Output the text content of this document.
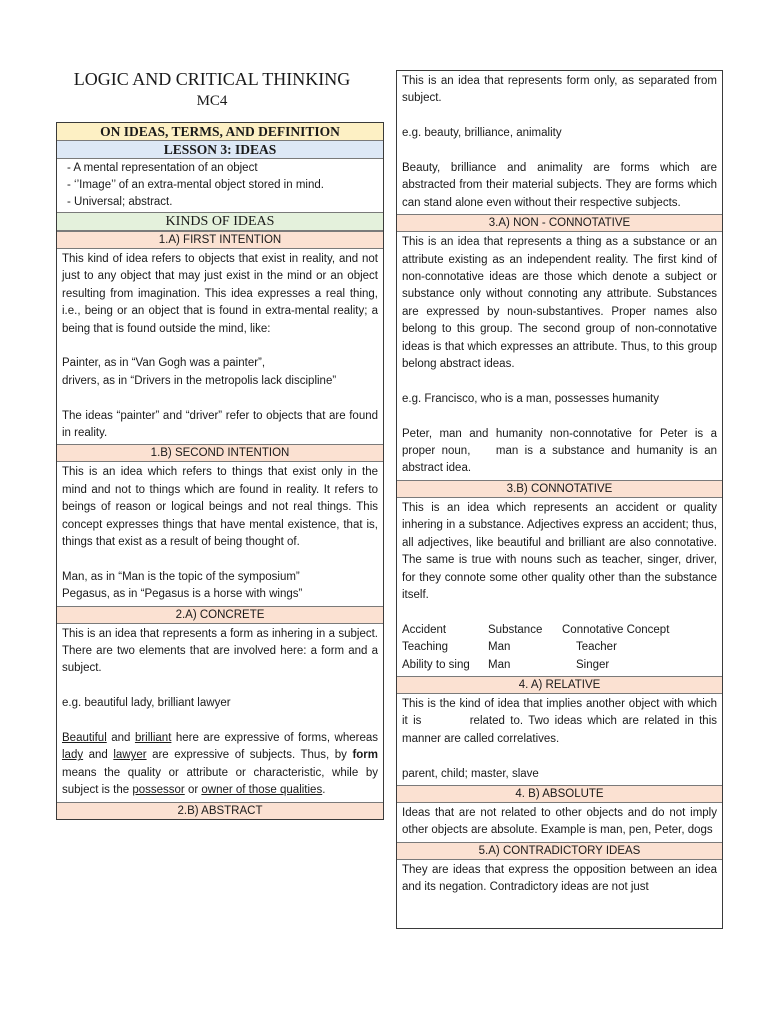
LOGIC AND CRITICAL THINKING
MC4
ON IDEAS, TERMS, AND DEFINITION
LESSON 3: IDEAS
- A mental representation of an object
- ‘’Image’’ of an extra-mental object stored in mind.
- Universal; abstract.
KINDS OF IDEAS
1.A) FIRST INTENTION

This kind of idea refers to objects that exist in reality, and not just to any object that may just exist in the mind or an object resulting from imagination. This idea expresses a real thing, i.e., being or an object that is found in extra-mental reality; a being that is found outside the mind, like:

Painter, as in “Van Gogh was a painter”,

drivers, as in “Drivers in the metropolis lack discipline”

The ideas “painter” and “driver” refer to objects that are found in reality.

1.B) SECOND INTENTION

This is an idea which refers to things that exist only in the mind and not to things which are found in reality. It refers to beings of reason or logical beings and not real things. This concept expresses things that have mental existence, that is, things that exist as a result of being thought of.

Man, as in “Man is the topic of the symposium”

Pegasus, as in “Pegasus is a horse with wings”

2.A) CONCRETE

This is an idea that represents a form as inhering in a subject. There are two elements that are involved here: a form and a subject.

e.g. beautiful lady, brilliant lawyer

Beautiful and brilliant here are expressive of forms, whereas lady and lawyer are expressive of subjects. Thus, by form means the quality or attribute or characteristic, while by subject is the possessor or owner of those qualities.

2.B) ABSTRACT

This is an idea that represents form only, as separated from subject.

e.g. beauty, brilliance, animality

Beauty, brilliance and animality are forms which are abstracted from their material subjects. They are forms which can stand alone even without their respective subjects.

3.A) NON - CONNOTATIVE

This is an idea that represents a thing as a substance or an attribute existing as an independent reality. The first kind of non-connotative ideas are those which denote a subject or substance only without connoting any attribute. Substances are expressed by noun-substantives. Proper names also belong to this group. The second group of non-connotative ideas is that which expresses an attribute. Thus, to this group belong abstract ideas.

e.g. Francisco, who is a man, possesses humanity

Peter, man and humanity non-connotative for Peter is a proper noun,    man is a substance and humanity is an abstract idea.

3.B) CONNOTATIVE

This is an idea which represents an accident or quality inhering in a substance. Adjectives express an accident; thus, all adjectives, like beautiful and brilliant are also connotative. The same is true with nouns such as teacher, singer, driver, for they connote some other quality other than the substance itself.

Accident	Substance	Connotative Concept
Teaching	Man	Teacher
Ability to sing	Man	Singer
4. A) RELATIVE

This is the kind of idea that implies another object with which it is         related to. Two ideas which are related in this manner are called correlatives.

parent, child; master, slave

4. B) ABSOLUTE

Ideas that are not related to other objects and do not imply other objects are absolute. Example is man, pen, Peter, dogs

5.A) CONTRADICTORY IDEAS

They are ideas that express the opposition between an idea and its negation. Contradictory ideas are not just
